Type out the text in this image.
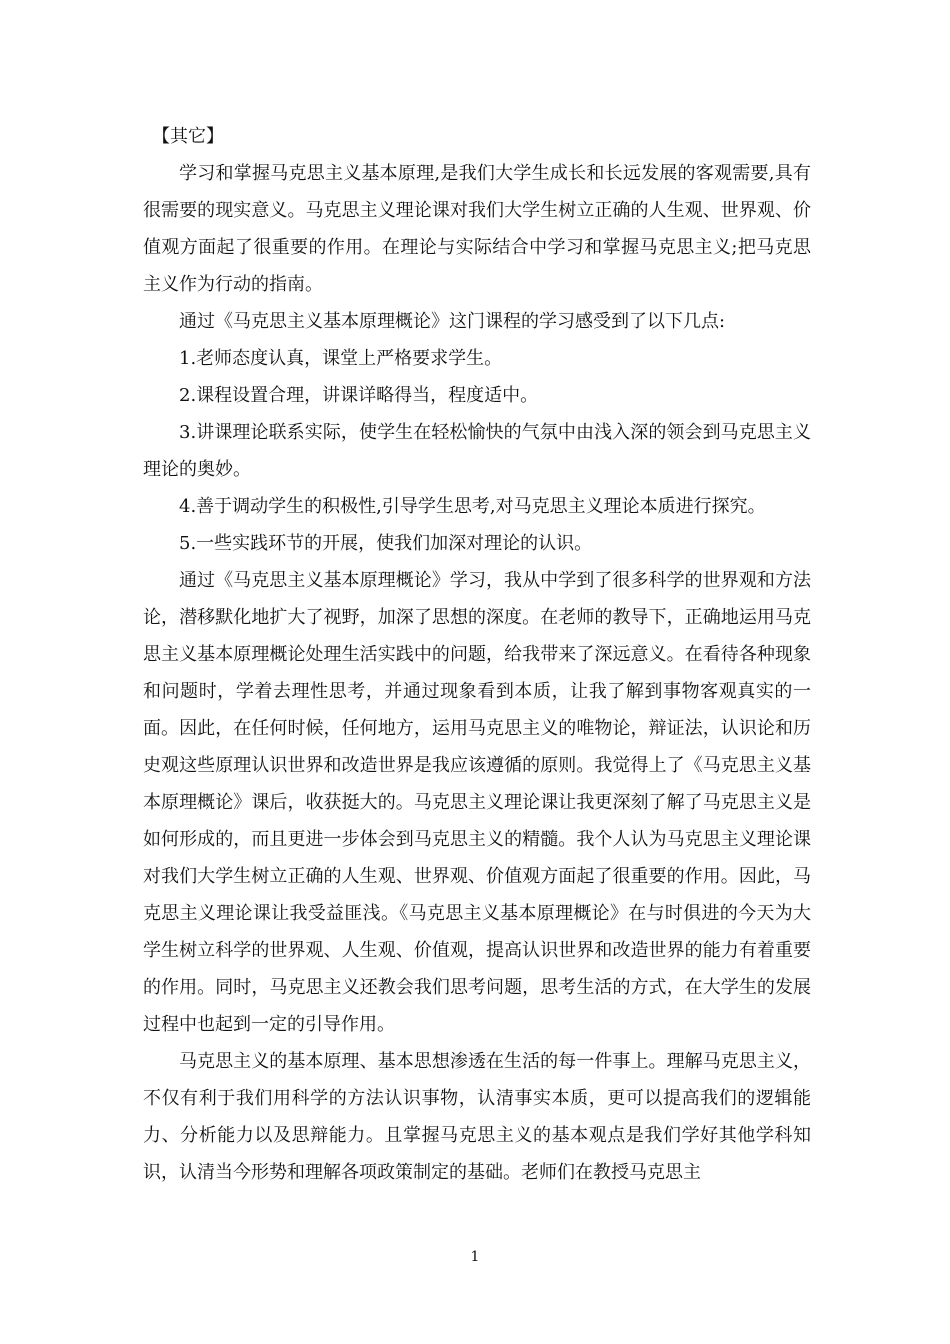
【其它】

学习和掌握马克思主义基本原理,是我们大学生成长和长远发展的客观需要,具有很需要的现实意义。马克思主义理论课对我们大学生树立正确的人生观、世界观、价值观方面起了很重要的作用。在理论与实际结合中学习和掌握马克思主义;把马克思主义作为行动的指南。

通过《马克思主义基本原理概论》这门课程的学习感受到了以下几点:

1.老师态度认真，课堂上严格要求学生。

2.课程设置合理，讲课详略得当，程度适中。

3.讲课理论联系实际，使学生在轻松愉快的气氛中由浅入深的领会到马克思主义理论的奥妙。

4.善于调动学生的积极性,引导学生思考,对马克思主义理论本质进行探究。

5.一些实践环节的开展，使我们加深对理论的认识。

通过《马克思主义基本原理概论》学习，我从中学到了很多科学的世界观和方法论，潜移默化地扩大了视野，加深了思想的深度。在老师的教导下，正确地运用马克思主义基本原理概论处理生活实践中的问题，给我带来了深远意义。在看待各种现象和问题时，学着去理性思考，并通过现象看到本质，让我了解到事物客观真实的一面。因此，在任何时候，任何地方，运用马克思主义的唯物论，辩证法，认识论和历史观这些原理认识世界和改造世界是我应该遵循的原则。我觉得上了《马克思主义基本原理概论》课后，收获挺大的。马克思主义理论课让我更深刻了解了马克思主义是如何形成的，而且更进一步体会到马克思主义的精髓。我个人认为马克思主义理论课对我们大学生树立正确的人生观、世界观、价值观方面起了很重要的作用。因此，马克思主义理论课让我受益匪浅。《马克思主义基本原理概论》在与时俱进的今天为大学生树立科学的世界观、人生观、价值观，提高认识世界和改造世界的能力有着重要的作用。同时，马克思主义还教会我们思考问题，思考生活的方式，在大学生的发展过程中也起到一定的引导作用。

马克思主义的基本原理、基本思想渗透在生活的每一件事上。理解马克思主义，不仅有利于我们用科学的方法认识事物，认清事实本质，更可以提高我们的逻辑能力、分析能力以及思辩能力。且掌握马克思主义的基本观点是我们学好其他学科知识，认清当今形势和理解各项政策制定的基础。老师们在教授马克思主

1
